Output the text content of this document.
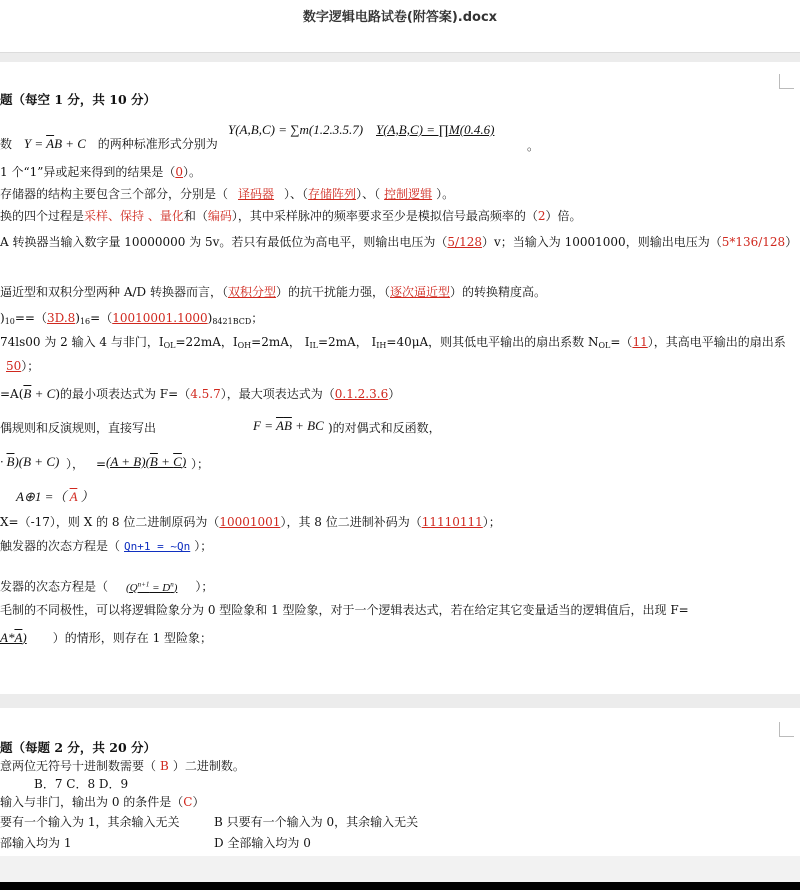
数字逻辑电路试卷(附答案).docx
题（每空 1 分，共 10 分）
数 $Y = \overline{A}B + C$ 的两种标准形式分别为
Y(A,B,C) = ∑m(1.2.3.5.7) Y(A,B,C) = ∏M(0.4.6)
。
1 个“1”异或起来得到的结果是（0）。
存储器的结构主要包含三个部分，分别是（ 译码器 ）、（存储阵列）、（ 控制逻辑 ）。
换的四个过程是采样、保持 、量化和（编码），其中采样脉冲的频率要求至少是模拟信号最高频率的（2）倍。
A 转换器当输入数字量 10000000 为 5v。若只有最低位为高电平，则输出电压为（5/128）v；当输入为 10001000，则输出电压为（5*136/128）
逼近型和双积分型两种 A/D 转换器而言，（双积分型）的抗干扰能力强，（逐次逼近型）的转换精度高。
)$_{10}==(3D.8)_{16}=(10010001.1000)_{8421BCD}$；
74ls00 为 2 输入 4 与非门，$I_{OL}=22mA$，$I_{OH}=2mA$， $I_{IL}=2mA$， $I_{IH}=40\mu A$，则其低电平输出的扇出系数 $N_{OL}=(11)$，其高电平输出的扇出系
50）；
$=A(\overline{B} + C)$的最小项表达式为 F=（4.5.7），最大项表达式为（0.1.2.3.6）
偶规则和反演规则，直接写出	$F = \overline{A}\overline{B}$ + BC )的对偶式和反函数，
· $\overline{B})(B + C)$ ）， = (A + B)(B + C) ）；
A⊕1 =（ $\overline{A}$ ）
X=（-17），则 X 的 8 位二进制原码为（10001001），其 8 位二进制补码为（11110111）；
触发器的次态方程是（ Qn+1 = ~Qn ）；
发器的次态方程是（ $(Q^{n+1} = D^n)$ ）；
毛制的不同极性，可以将逻辑险象分为 0 型险象和 1 型险象，对于一个逻辑表达式，若在给定其它变量适当的逻辑值后，出现 F=
A*A) ）的情形，则存在 1 型险象；
题（每题 2 分，共 20 分）
意两位无符号十进制数需要（ B ）二进制数。
B．7 C．8 D．9
输入与非门，输出为 0 的条件是（C）
要有一个输入为 1，其余输入无关	B 只要有一个输入为 0，其余输入无关
部输入均为 1	D 全部输入均为 0
